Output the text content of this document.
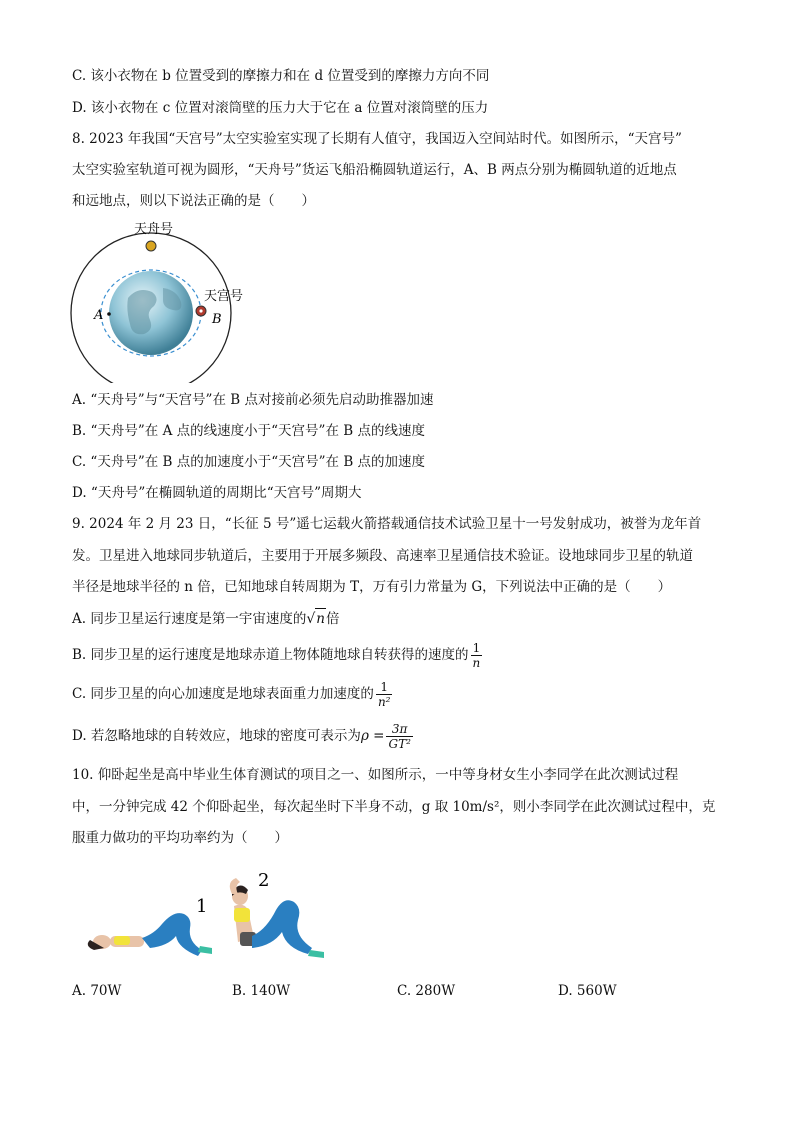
C. 该小衣物在 b 位置受到的摩擦力和在 d 位置受到的摩擦力方向不同
D. 该小衣物在 c 位置对滚筒壁的压力大于它在 a 位置对滚筒壁的压力
8. 2023 年我国“天宫号”太空实验室实现了长期有人值守，我国迈入空间站时代。如图所示，“天宫号”
太空实验室轨道可视为圆形，“天舟号”货运飞船沿椭圆轨道运行，A、B 两点分别为椭圆轨道的近地点
和远地点，则以下说法正确的是（　　）
天舟号
天宫号
A	B
A. “天舟号”与“天宫号”在 B 点对接前必须先启动助推器加速
B. “天舟号”在 A 点的线速度小于“天宫号”在 B 点的线速度
C. “天舟号”在 B 点的加速度小于“天宫号”在 B 点的加速度
D. “天舟号”在椭圆轨道的周期比“天宫号”周期大
9. 2024 年 2 月 23 日，“长征 5 号”遥七运载火箭搭载通信技术试验卫星十一号发射成功，被誉为龙年首
发。卫星进入地球同步轨道后，主要用于开展多频段、高速率卫星通信技术验证。设地球同步卫星的轨道
半径是地球半径的 n 倍，已知地球自转周期为 T，万有引力常量为 G，下列说法中正确的是（　　）
A. 同步卫星运行速度是第一宇宙速度的√n倍
B. 同步卫星的运行速度是地球赤道上物体随地球自转获得的速度的 $\frac{1}{n}$
C. 同步卫星的向心加速度是地球表面重力加速度的 $\frac{1}{\text{n²}}$
D. 若忽略地球的自转效应，地球的密度可表示为$\rho = \frac{3\pi}{\text{GT²}}$
10. 仰卧起坐是高中毕业生体育测试的项目之一、如图所示，一中等身材女生小李同学在此次测试过程
中，一分钟完成 42 个仰卧起坐，每次起坐时下半身不动，g 取 10m/s²，则小李同学在此次测试过程中，克
服重力做功的平均功率约为（　　）
1
2
A. 70W	B. 140W	C. 280W	D. 560W
